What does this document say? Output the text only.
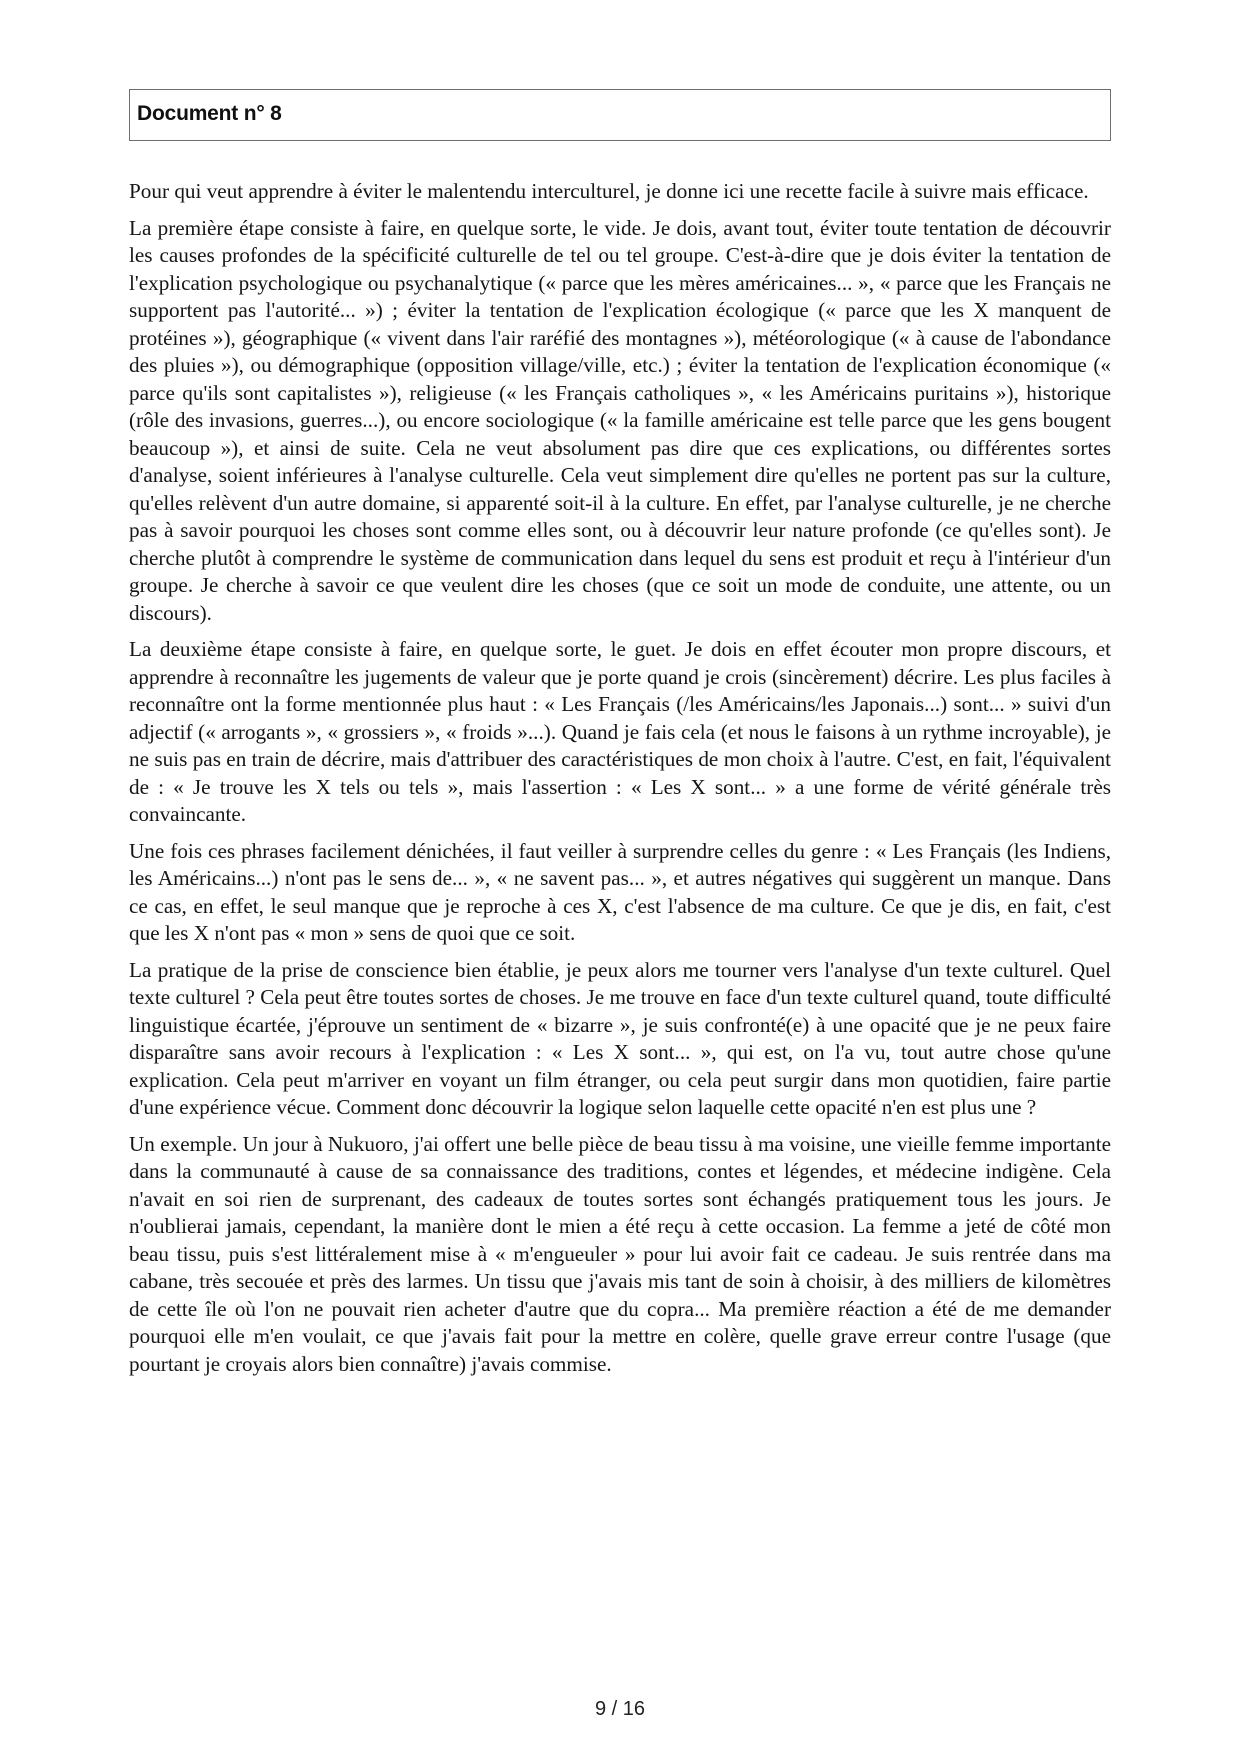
Document n° 8

Pour qui veut apprendre à éviter le malentendu interculturel, je donne ici une recette facile à suivre mais efficace.

La première étape consiste à faire, en quelque sorte, le vide. Je dois, avant tout, éviter toute tentation de découvrir les causes profondes de la spécificité culturelle de tel ou tel groupe. C'est-à-dire que je dois éviter la tentation de l'explication psychologique ou psychanalytique (« parce que les mères américaines... », « parce que les Français ne supportent pas l'autorité... ») ; éviter la tentation de l'explication écologique (« parce que les X manquent de protéines »), géographique (« vivent dans l'air raréfié des montagnes »), météorologique (« à cause de l'abondance des pluies »), ou démographique (opposition village/ville, etc.) ; éviter la tentation de l'explication économique (« parce qu'ils sont capitalistes »), religieuse (« les Français catholiques », « les Américains puritains »), historique (rôle des invasions, guerres...), ou encore sociologique (« la famille américaine est telle parce que les gens bougent beaucoup »), et ainsi de suite. Cela ne veut absolument pas dire que ces explications, ou différentes sortes d'analyse, soient inférieures à l'analyse culturelle. Cela veut simplement dire qu'elles ne portent pas sur la culture, qu'elles relèvent d'un autre domaine, si apparenté soit-il à la culture. En effet, par l'analyse culturelle, je ne cherche pas à savoir pourquoi les choses sont comme elles sont, ou à découvrir leur nature profonde (ce qu'elles sont). Je cherche plutôt à comprendre le système de communication dans lequel du sens est produit et reçu à l'intérieur d'un groupe. Je cherche à savoir ce que veulent dire les choses (que ce soit un mode de conduite, une attente, ou un discours).

La deuxième étape consiste à faire, en quelque sorte, le guet. Je dois en effet écouter mon propre discours, et apprendre à reconnaître les jugements de valeur que je porte quand je crois (sincèrement) décrire. Les plus faciles à reconnaître ont la forme mentionnée plus haut : « Les Français (/les Américains/les Japonais...) sont... » suivi d'un adjectif (« arrogants », « grossiers », « froids »...). Quand je fais cela (et nous le faisons à un rythme incroyable), je ne suis pas en train de décrire, mais d'attribuer des caractéristiques de mon choix à l'autre. C'est, en fait, l'équivalent de : « Je trouve les X tels ou tels », mais l'assertion : « Les X sont... » a une forme de vérité générale très convaincante.

Une fois ces phrases facilement dénichées, il faut veiller à surprendre celles du genre : « Les Français (les Indiens, les Américains...) n'ont pas le sens de... », « ne savent pas... », et autres négatives qui suggèrent un manque. Dans ce cas, en effet, le seul manque que je reproche à ces X, c'est l'absence de ma culture. Ce que je dis, en fait, c'est que les X n'ont pas « mon » sens de quoi que ce soit.

La pratique de la prise de conscience bien établie, je peux alors me tourner vers l'analyse d'un texte culturel. Quel texte culturel ? Cela peut être toutes sortes de choses. Je me trouve en face d'un texte culturel quand, toute difficulté linguistique écartée, j'éprouve un sentiment de « bizarre », je suis confronté(e) à une opacité que je ne peux faire disparaître sans avoir recours à l'explication : « Les X sont... », qui est, on l'a vu, tout autre chose qu'une explication. Cela peut m'arriver en voyant un film étranger, ou cela peut surgir dans mon quotidien, faire partie d'une expérience vécue. Comment donc découvrir la logique selon laquelle cette opacité n'en est plus une ?

Un exemple. Un jour à Nukuoro, j'ai offert une belle pièce de beau tissu à ma voisine, une vieille femme importante dans la communauté à cause de sa connaissance des traditions, contes et légendes, et médecine indigène. Cela n'avait en soi rien de surprenant, des cadeaux de toutes sortes sont échangés pratiquement tous les jours. Je n'oublierai jamais, cependant, la manière dont le mien a été reçu à cette occasion. La femme a jeté de côté mon beau tissu, puis s'est littéralement mise à « m'engueuler » pour lui avoir fait ce cadeau. Je suis rentrée dans ma cabane, très secouée et près des larmes. Un tissu que j'avais mis tant de soin à choisir, à des milliers de kilomètres de cette île où l'on ne pouvait rien acheter d'autre que du copra... Ma première réaction a été de me demander pourquoi elle m'en voulait, ce que j'avais fait pour la mettre en colère, quelle grave erreur contre l'usage (que pourtant je croyais alors bien connaître) j'avais commise.

9 / 16
